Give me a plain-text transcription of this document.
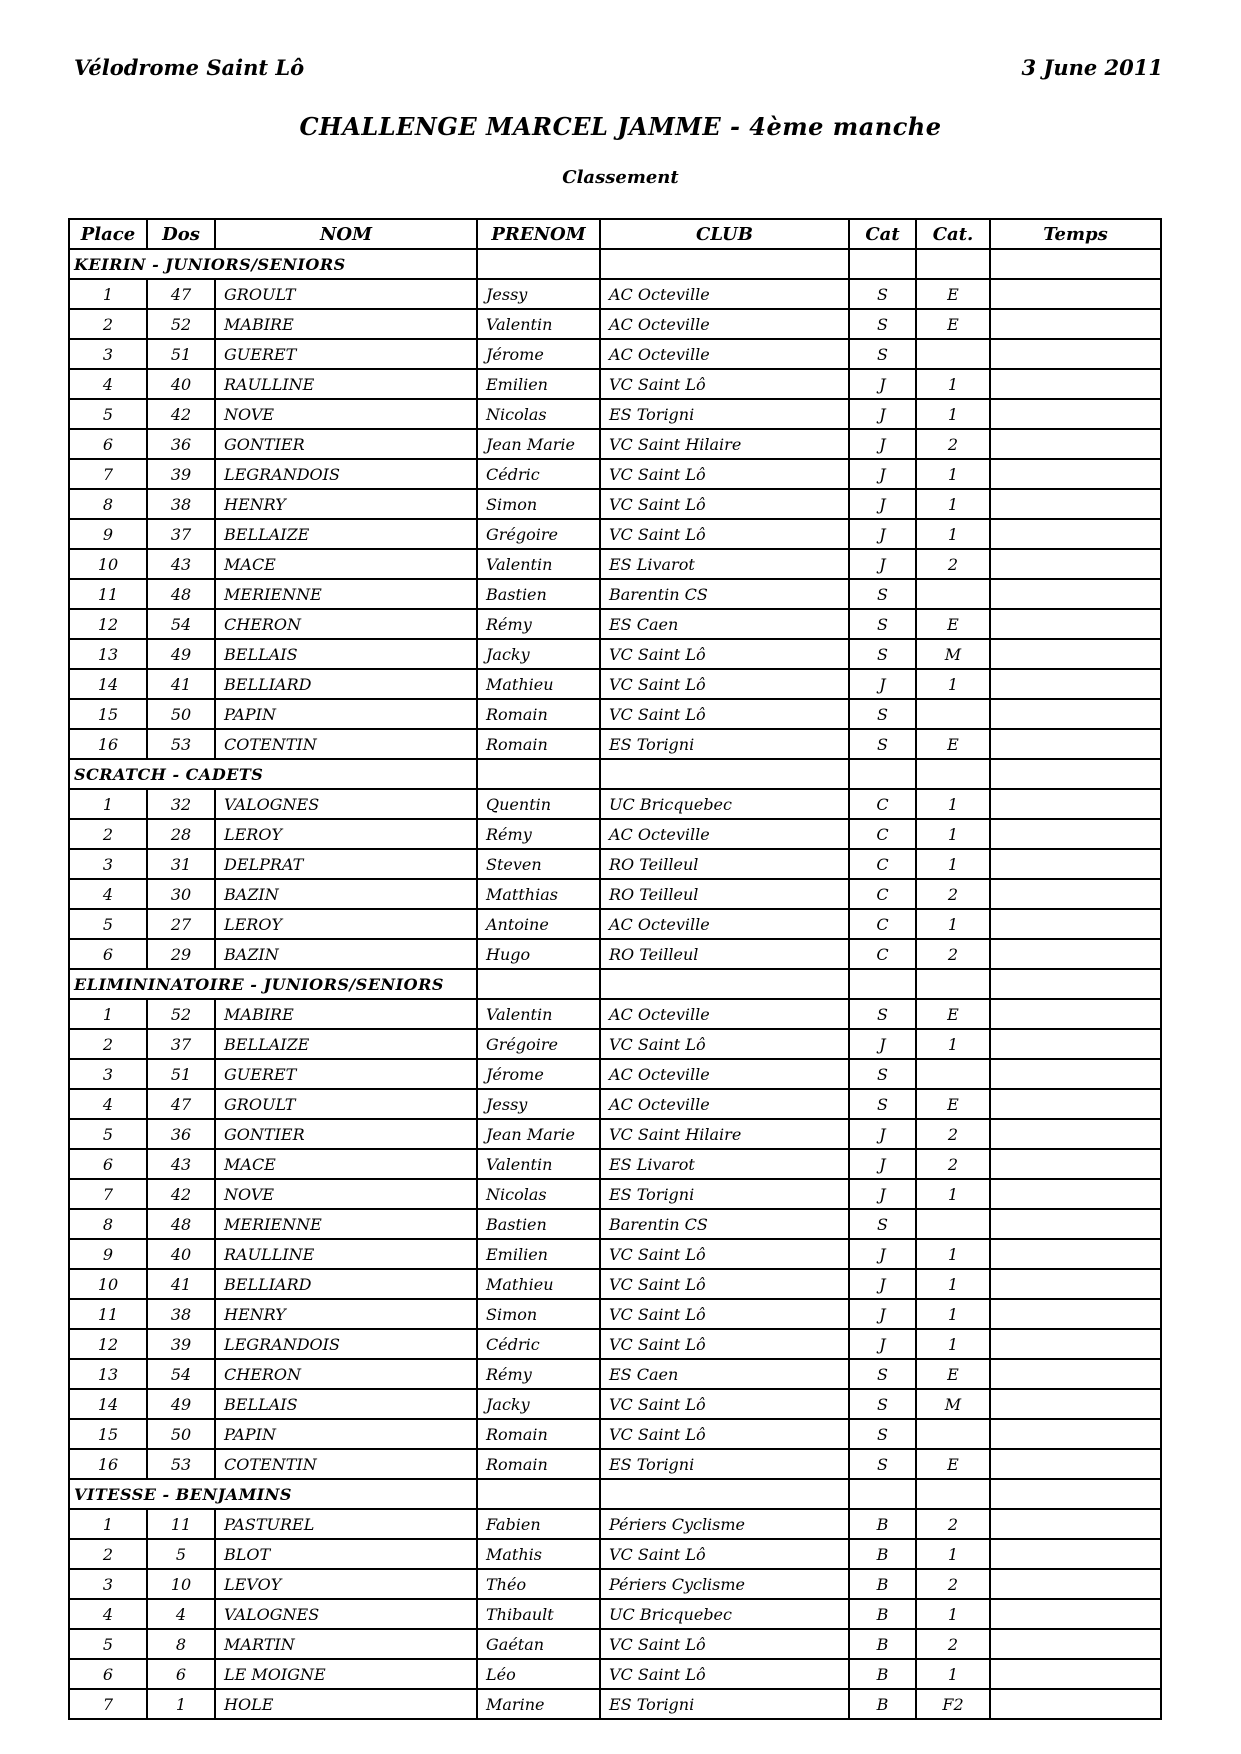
Vélodrome Saint Lô	3 June 2011
CHALLENGE MARCEL JAMME - 4ème manche
Classement
Place	Dos	NOM	PRENOM	CLUB	Cat	Cat.	Temps
KEIRIN - JUNIORS/SENIORS							
1	47	GROULT	Jessy	AC Octeville	S	E	
2	52	MABIRE	Valentin	AC Octeville	S	E	
3	51	GUERET	Jérome	AC Octeville	S		
4	40	RAULLINE	Emilien	VC Saint Lô	J	1	
5	42	NOVE	Nicolas	ES Torigni	J	1	
6	36	GONTIER	Jean Marie	VC Saint Hilaire	J	2	
7	39	LEGRANDOIS	Cédric	VC Saint Lô	J	1	
8	38	HENRY	Simon	VC Saint Lô	J	1	
9	37	BELLAIZE	Grégoire	VC Saint Lô	J	1	
10	43	MACE	Valentin	ES Livarot	J	2	
11	48	MERIENNE	Bastien	Barentin CS	S		
12	54	CHERON	Rémy	ES Caen	S	E	
13	49	BELLAIS	Jacky	VC Saint Lô	S	M	
14	41	BELLIARD	Mathieu	VC Saint Lô	J	1	
15	50	PAPIN	Romain	VC Saint Lô	S		
16	53	COTENTIN	Romain	ES Torigni	S	E	
SCRATCH - CADETS							
1	32	VALOGNES	Quentin	UC Bricquebec	C	1	
2	28	LEROY	Rémy	AC Octeville	C	1	
3	31	DELPRAT	Steven	RO Teilleul	C	1	
4	30	BAZIN	Matthias	RO Teilleul	C	2	
5	27	LEROY	Antoine	AC Octeville	C	1	
6	29	BAZIN	Hugo	RO Teilleul	C	2	
ELIMININATOIRE - JUNIORS/SENIORS							
1	52	MABIRE	Valentin	AC Octeville	S	E	
2	37	BELLAIZE	Grégoire	VC Saint Lô	J	1	
3	51	GUERET	Jérome	AC Octeville	S		
4	47	GROULT	Jessy	AC Octeville	S	E	
5	36	GONTIER	Jean Marie	VC Saint Hilaire	J	2	
6	43	MACE	Valentin	ES Livarot	J	2	
7	42	NOVE	Nicolas	ES Torigni	J	1	
8	48	MERIENNE	Bastien	Barentin CS	S		
9	40	RAULLINE	Emilien	VC Saint Lô	J	1	
10	41	BELLIARD	Mathieu	VC Saint Lô	J	1	
11	38	HENRY	Simon	VC Saint Lô	J	1	
12	39	LEGRANDOIS	Cédric	VC Saint Lô	J	1	
13	54	CHERON	Rémy	ES Caen	S	E	
14	49	BELLAIS	Jacky	VC Saint Lô	S	M	
15	50	PAPIN	Romain	VC Saint Lô	S		
16	53	COTENTIN	Romain	ES Torigni	S	E	
VITESSE - BENJAMINS							
1	11	PASTUREL	Fabien	Périers Cyclisme	B	2	
2	5	BLOT	Mathis	VC Saint Lô	B	1	
3	10	LEVOY	Théo	Périers Cyclisme	B	2	
4	4	VALOGNES	Thibault	UC Bricquebec	B	1	
5	8	MARTIN	Gaétan	VC Saint Lô	B	2	
6	6	LE MOIGNE	Léo	VC Saint Lô	B	1	
7	1	HOLE	Marine	ES Torigni	B	F2	
